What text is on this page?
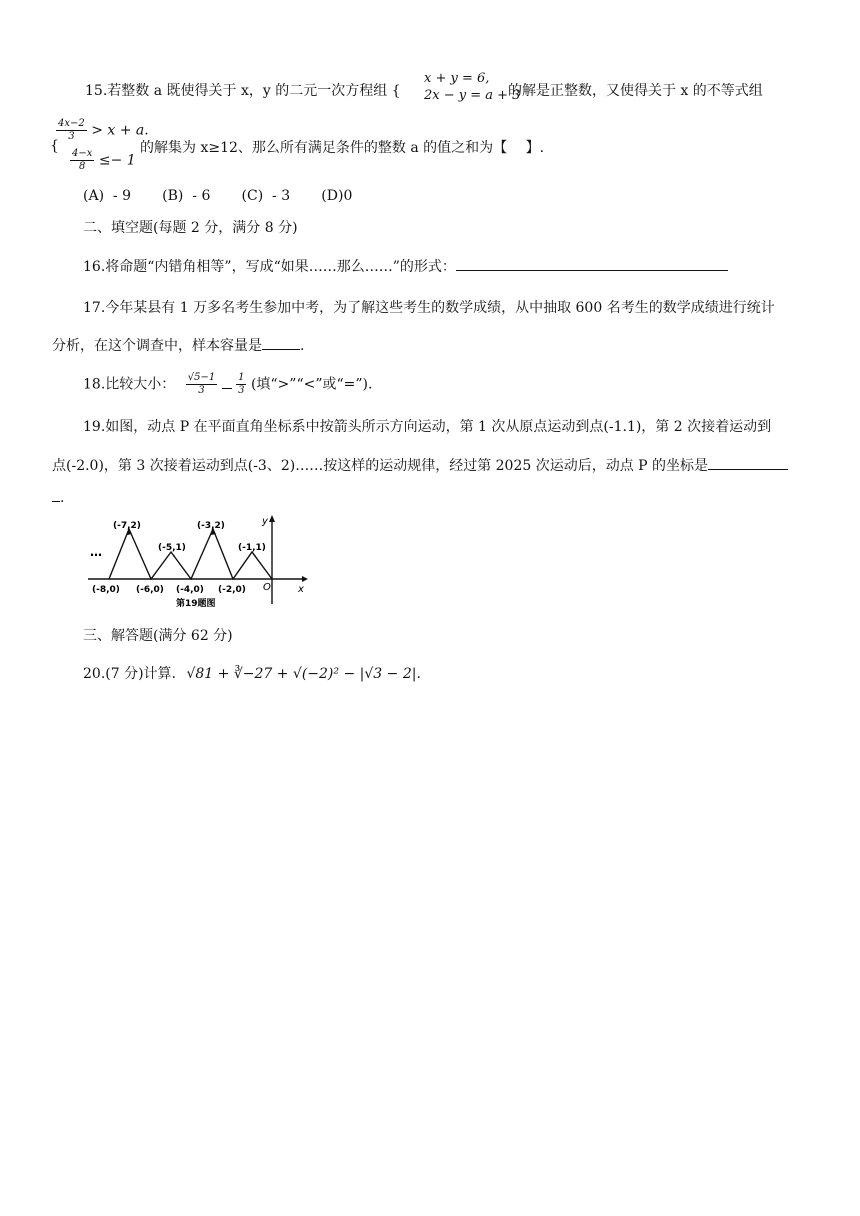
15.若整数 a 既使得关于 x，y 的二元一次方程组 {
x + y = 6,
2x − y = a + 3
的解是正整数，又使得关于 x 的不等式组
{
$\frac{4x-2}{3} > x + a$.
$\frac{4-x}{8} \le- 1$
的解集为 x≥12、那么所有满足条件的整数 a 的值之和为【　 】.
(A)  - 9       (B)  - 6       (C)  - 3       (D)0
二、填空题(每题 2 分，满分 8 分)
16.将命题“内错角相等”，写成“如果……那么……”的形式：
17.今年某县有 1 万多名考生参加中考，为了解这些考生的数学成绩，从中抽取 600 名考生的数学成绩进行统计
分析，在这个调查中，样本容量是	.
18.比较大小： $\frac{√5-1}{3}$
$\frac{1}{3}$ (填“>”“<”或“=”).
19.如图，动点 P 在平面直角坐标系中按箭头所示方向运动，第 1 次从原点运动到点(-1.1)，第 2 次接着运动到
点(-2.0)，第 3 次接着运动到点(-3、2)……按这样的运动规律，经过第 2025 次运动后，动点 P 的坐标是
.
…
y
x
O
(-7,2)
(-5,1)
(-3,2)
(-1,1)
(-8,0) (-6,0) (-4,0) (-2,0)
第19题图
三、解答题(满分 62 分)
20.(7 分)计算. √81 + ∛−27 + √(−2)² − |√3 − 2|.
